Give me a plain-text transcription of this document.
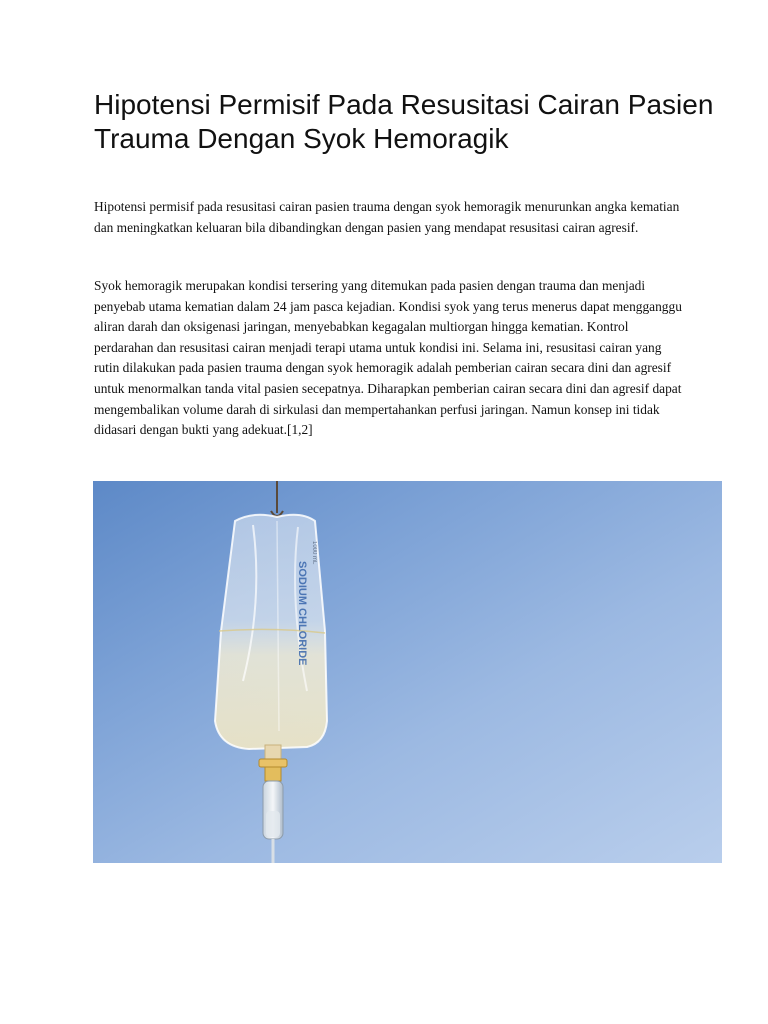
Hipotensi Permisif Pada Resusitasi Cairan Pasien Trauma Dengan Syok Hemoragik

Hipotensi permisif pada resusitasi cairan pasien trauma dengan syok hemoragik menurunkan angka kematian dan meningkatkan keluaran bila dibandingkan dengan pasien yang mendapat resusitasi cairan agresif.

Syok hemoragik merupakan kondisi tersering yang ditemukan pada pasien dengan trauma dan menjadi penyebab utama kematian dalam 24 jam pasca kejadian. Kondisi syok yang terus menerus dapat mengganggu aliran darah dan oksigenasi jaringan, menyebabkan kegagalan multiorgan hingga kematian. Kontrol perdarahan dan resusitasi cairan menjadi terapi utama untuk kondisi ini. Selama ini, resusitasi cairan yang rutin dilakukan pada pasien trauma dengan syok hemoragik adalah pemberian cairan secara dini dan agresif untuk menormalkan tanda vital pasien secepatnya. Diharapkan pemberian cairan secara dini dan agresif dapat mengembalikan volume darah di sirkulasi dan mempertahankan perfusi jaringan. Namun konsep ini tidak didasari dengan bukti yang adekuat.[1,2]

SODIUM CHLORIDE
1000 mL
